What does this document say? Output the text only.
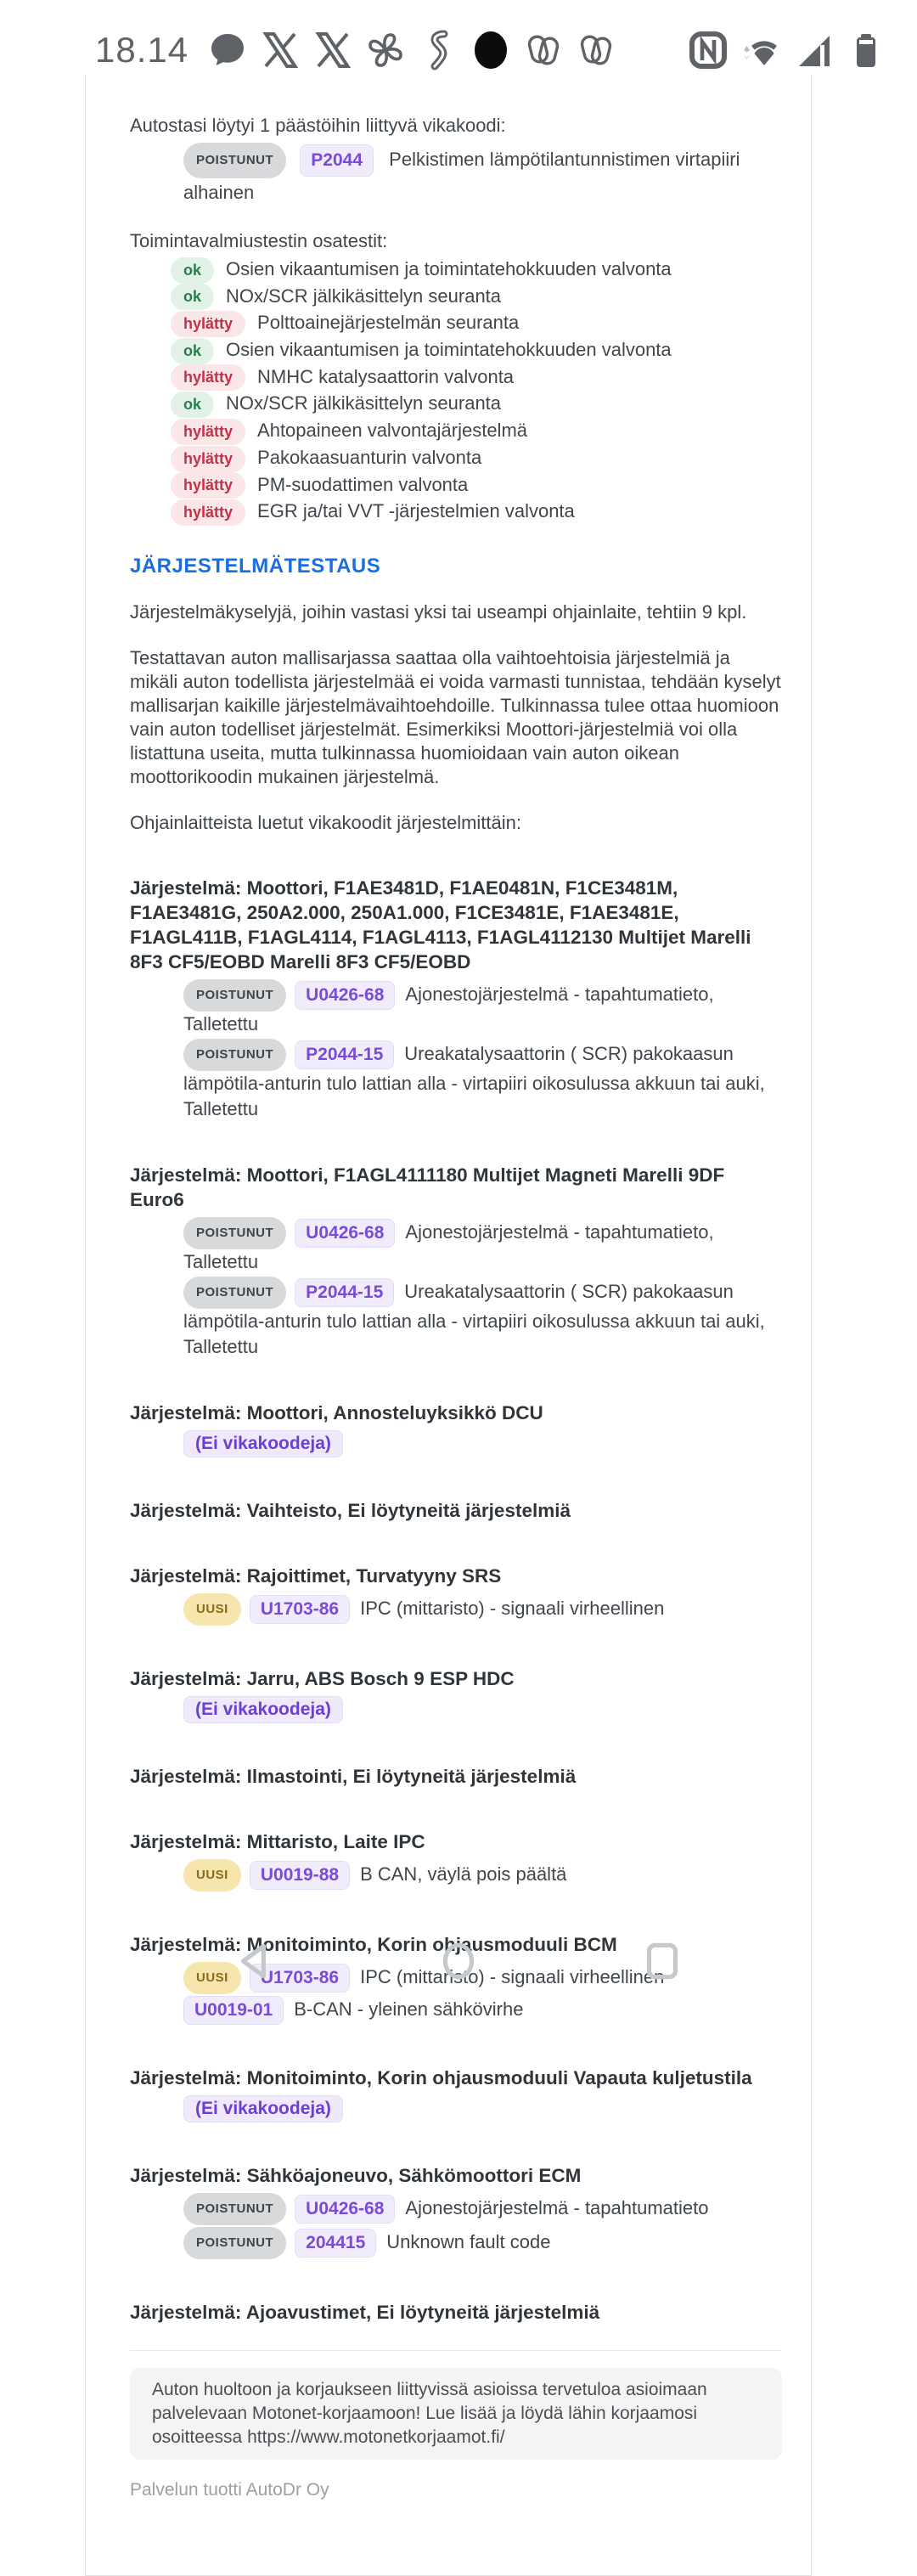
18.14
Autostasi löytyi 1 päästöihin liittyvä vikakoodi:
POISTUNUT P2044 Pelkistimen lämpötilantunnistimen virtapiiri alhainen
Toimintavalmiustestin osatestit:
ok Osien vikaantumisen ja toimintatehokkuuden valvonta
ok NOx/SCR jälkikäsittelyn seuranta
hylätty Polttoainejärjestelmän seuranta
ok Osien vikaantumisen ja toimintatehokkuuden valvonta
hylätty NMHC katalysaattorin valvonta
ok NOx/SCR jälkikäsittelyn seuranta
hylätty Ahtopaineen valvontajärjestelmä
hylätty Pakokaasuanturin valvonta
hylätty PM-suodattimen valvonta
hylätty EGR ja/tai VVT -järjestelmien valvonta
JÄRJESTELMÄTESTAUS
Järjestelmäkyselyjä, joihin vastasi yksi tai useampi ohjainlaite, tehtiin 9 kpl.
Testattavan auton mallisarjassa saattaa olla vaihtoehtoisia järjestelmiä ja mikäli auton todellista järjestelmää ei voida varmasti tunnistaa, tehdään kyselyt mallisarjan kaikille järjestelmävaihtoehdoille. Tulkinnassa tulee ottaa huomioon vain auton todelliset järjestelmät. Esimerkiksi Moottori-järjestelmiä voi olla listattuna useita, mutta tulkinnassa huomioidaan vain auton oikean moottorikoodin mukainen järjestelmä.
Ohjainlaitteista luetut vikakoodit järjestelmittäin:
Järjestelmä: Moottori, F1AE3481D, F1AE0481N, F1CE3481M, F1AE3481G, 250A2.000, 250A1.000, F1CE3481E, F1AE3481E, F1AGL411B, F1AGL4114, F1AGL4113, F1AGL4112130 Multijet Marelli 8F3 CF5/EOBD Marelli 8F3 CF5/EOBD
POISTUNUT U0426-68 Ajonestojärjestelmä - tapahtumatieto, Talletettu
POISTUNUT P2044-15 Ureakatalysaattorin ( SCR) pakokaasun lämpötila-anturin tulo lattian alla - virtapiiri oikosulussa akkuun tai auki, Talletettu
Järjestelmä: Moottori, F1AGL4111180 Multijet Magneti Marelli 9DF Euro6
POISTUNUT U0426-68 Ajonestojärjestelmä - tapahtumatieto, Talletettu
POISTUNUT P2044-15 Ureakatalysaattorin ( SCR) pakokaasun lämpötila-anturin tulo lattian alla - virtapiiri oikosulussa akkuun tai auki, Talletettu
Järjestelmä: Moottori, Annosteluyksikkö DCU
(Ei vikakoodeja)
Järjestelmä: Vaihteisto, Ei löytyneitä järjestelmiä
Järjestelmä: Rajoittimet, Turvatyyny SRS
UUSI U1703-86 IPC (mittaristo) - signaali virheellinen
Järjestelmä: Jarru, ABS Bosch 9 ESP HDC
(Ei vikakoodeja)
Järjestelmä: Ilmastointi, Ei löytyneitä järjestelmiä
Järjestelmä: Mittaristo, Laite IPC
UUSI U0019-88 B CAN, väylä pois päältä
Järjestelmä: Monitoiminto, Korin ohjausmoduuli BCM
UUSI U1703-86 IPC (mittaristo) - signaali virheellinen
U0019-01 B-CAN - yleinen sähkövirhe
Järjestelmä: Monitoiminto, Korin ohjausmoduuli Vapauta kuljetustila
(Ei vikakoodeja)
Järjestelmä: Sähköajoneuvo, Sähkömoottori ECM
POISTUNUT U0426-68 Ajonestojärjestelmä - tapahtumatieto
POISTUNUT 204415 Unknown fault code
Järjestelmä: Ajoavustimet, Ei löytyneitä järjestelmiä
Auton huoltoon ja korjaukseen liittyvissä asioissa tervetuloa asioimaan palvelevaan Motonet-korjaamoon! Lue lisää ja löydä lähin korjaamosi osoitteessa https://www.motonetkorjaamot.fi/
Palvelun tuotti AutoDr Oy
